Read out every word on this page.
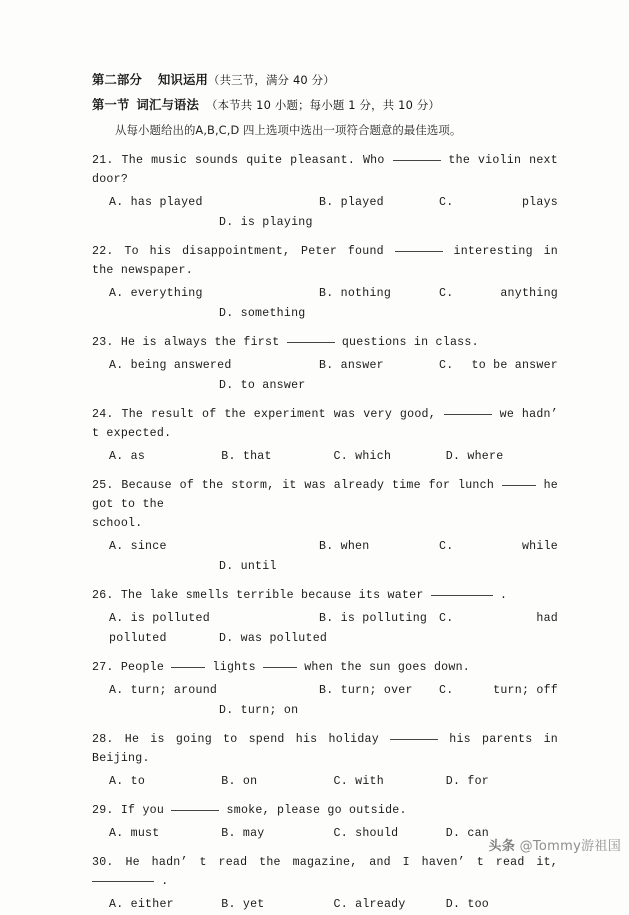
第二部分 知识运用（共三节，满分 40 分）
第一节 词汇与语法 （本节共 10 小题；每小题 1 分，共 10 分）
从每小题给出的A,B,C,D 四上选项中选出一项符合题意的最佳选项。
21. The music sounds quite pleasant. Who	the violin next door?
A. has played	B. played	C.	plays
D. is playing
22. To his disappointment, Peter found	interesting in the newspaper.
A. everything	B. nothing	C.	anything
D. something
23. He is always the first	questions in class.
A. being answered	B. answer	C. to be answer
D. to answer
24. The result of the experiment was very good,	we hadn’ t expected.
A. as	B. that	C. which	D. where
25. Because of the storm, it was already time for lunch	he got to the
school.
A. since	B. when	C.	while
D. until
26. The lake smells terrible because its water	.
A. is polluted	B. is polluting	C.	had
polluted	D. was polluted
27. People	lights	when the sun goes down.
A. turn; around	B. turn; over	C.	turn; off
D. turn; on
28. He is going to spend his holiday	his parents in Beijing.
A. to	B. on	C. with	D. for
29. If you	smoke, please go outside.
A. must	B. may	C. should	D. can
30. He hadn’ t read the magazine, and I haven’ t read it,  .
A. either	B. yet	C. already	D. too
头条 @Tommy游祖国
